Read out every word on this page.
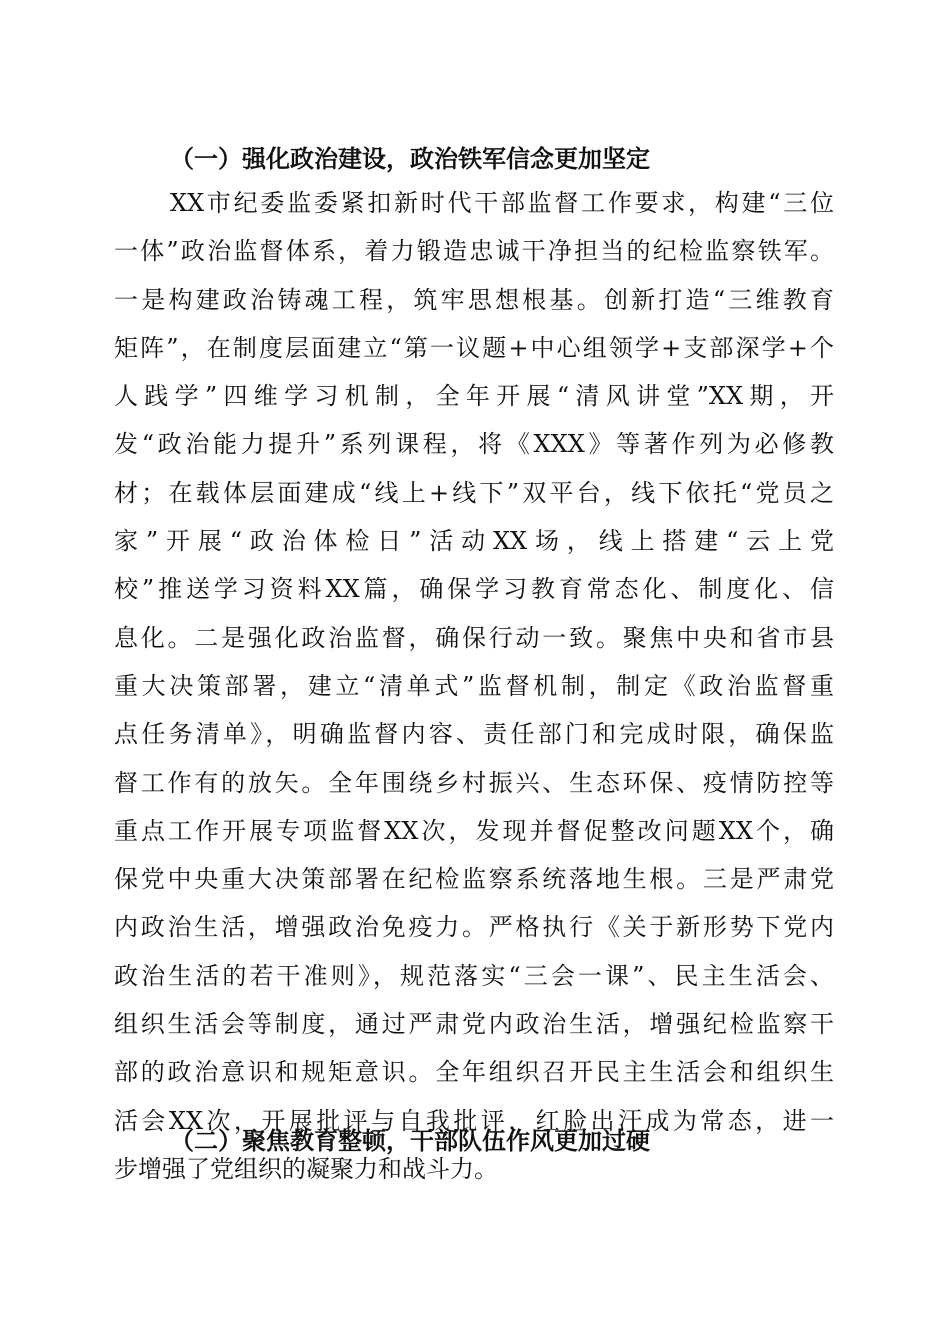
（一）强化政治建设，政治铁军信念更加坚定
XX市纪委监委紧扣新时代干部监督工作要求，构建“三位
一体”政治监督体系，着力锻造忠诚干净担当的纪检监察铁军。
一是构建政治铸魂工程，筑牢思想根基。创新打造“三维教育
矩阵”，在制度层面建立“第一议题+中心组领学+支部深学+个
人践学”四维学习机制，全年开展“清风讲堂”XX期，开
发“政治能力提升”系列课程，将《XXX》等著作列为必修教
材；在载体层面建成“线上+线下”双平台，线下依托“党员之
家”开展“政治体检日”活动XX场，线上搭建“云上党
校”推送学习资料XX篇，确保学习教育常态化、制度化、信
息化。二是强化政治监督，确保行动一致。聚焦中央和省市县
重大决策部署，建立“清单式”监督机制，制定《政治监督重
点任务清单》，明确监督内容、责任部门和完成时限，确保监
督工作有的放矢。全年围绕乡村振兴、生态环保、疫情防控等
重点工作开展专项监督XX次，发现并督促整改问题XX个，确
保党中央重大决策部署在纪检监察系统落地生根。三是严肃党
内政治生活，增强政治免疫力。严格执行《关于新形势下党内
政治生活的若干准则》，规范落实“三会一课”、民主生活会、
组织生活会等制度，通过严肃党内政治生活，增强纪检监察干
部的政治意识和规矩意识。全年组织召开民主生活会和组织生
活会XX次，开展批评与自我批评，红脸出汗成为常态，进一
步增强了党组织的凝聚力和战斗力。
（二）聚焦教育整顿，干部队伍作风更加过硬
